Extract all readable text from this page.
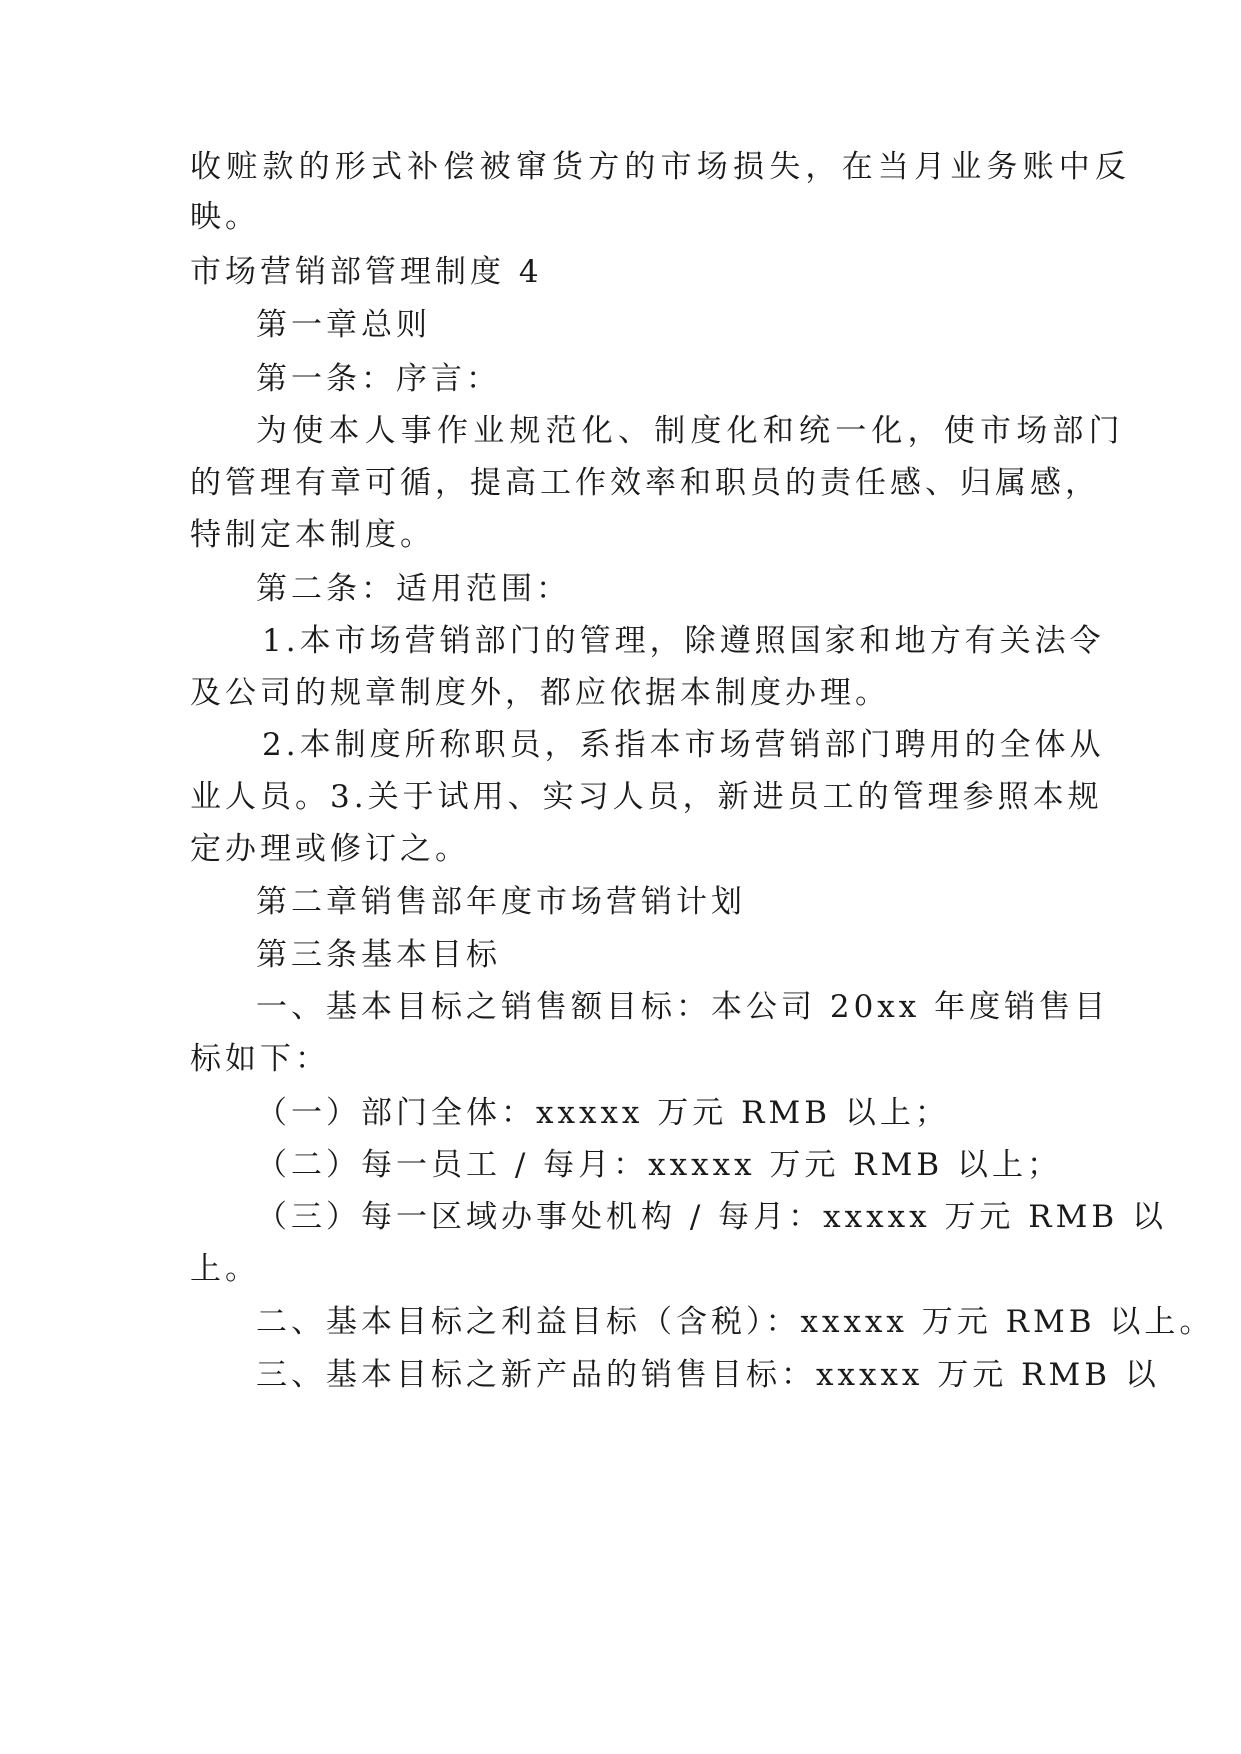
收赃款的形式补偿被窜货方的市场损失，在当月业务账中反
映。
市场营销部管理制度 4
第一章总则
第一条：序言：
为使本人事作业规范化、制度化和统一化，使市场部门
的管理有章可循，提高工作效率和职员的责任感、归属感，
特制定本制度。
第二条：适用范围：
1.本市场营销部门的管理，除遵照国家和地方有关法令
及公司的规章制度外，都应依据本制度办理。
2.本制度所称职员，系指本市场营销部门聘用的全体从
业人员。3.关于试用、实习人员，新进员工的管理参照本规
定办理或修订之。
第二章销售部年度市场营销计划
第三条基本目标
一、基本目标之销售额目标：本公司 20xx 年度销售目
标如下：
（一）部门全体：xxxxx 万元 RMB 以上；
（二）每一员工 / 每月：xxxxx 万元 RMB 以上；
（三）每一区域办事处机构 / 每月：xxxxx 万元 RMB 以
上。
二、基本目标之利益目标（含税）：xxxxx 万元 RMB 以上。
三、基本目标之新产品的销售目标：xxxxx 万元 RMB 以
